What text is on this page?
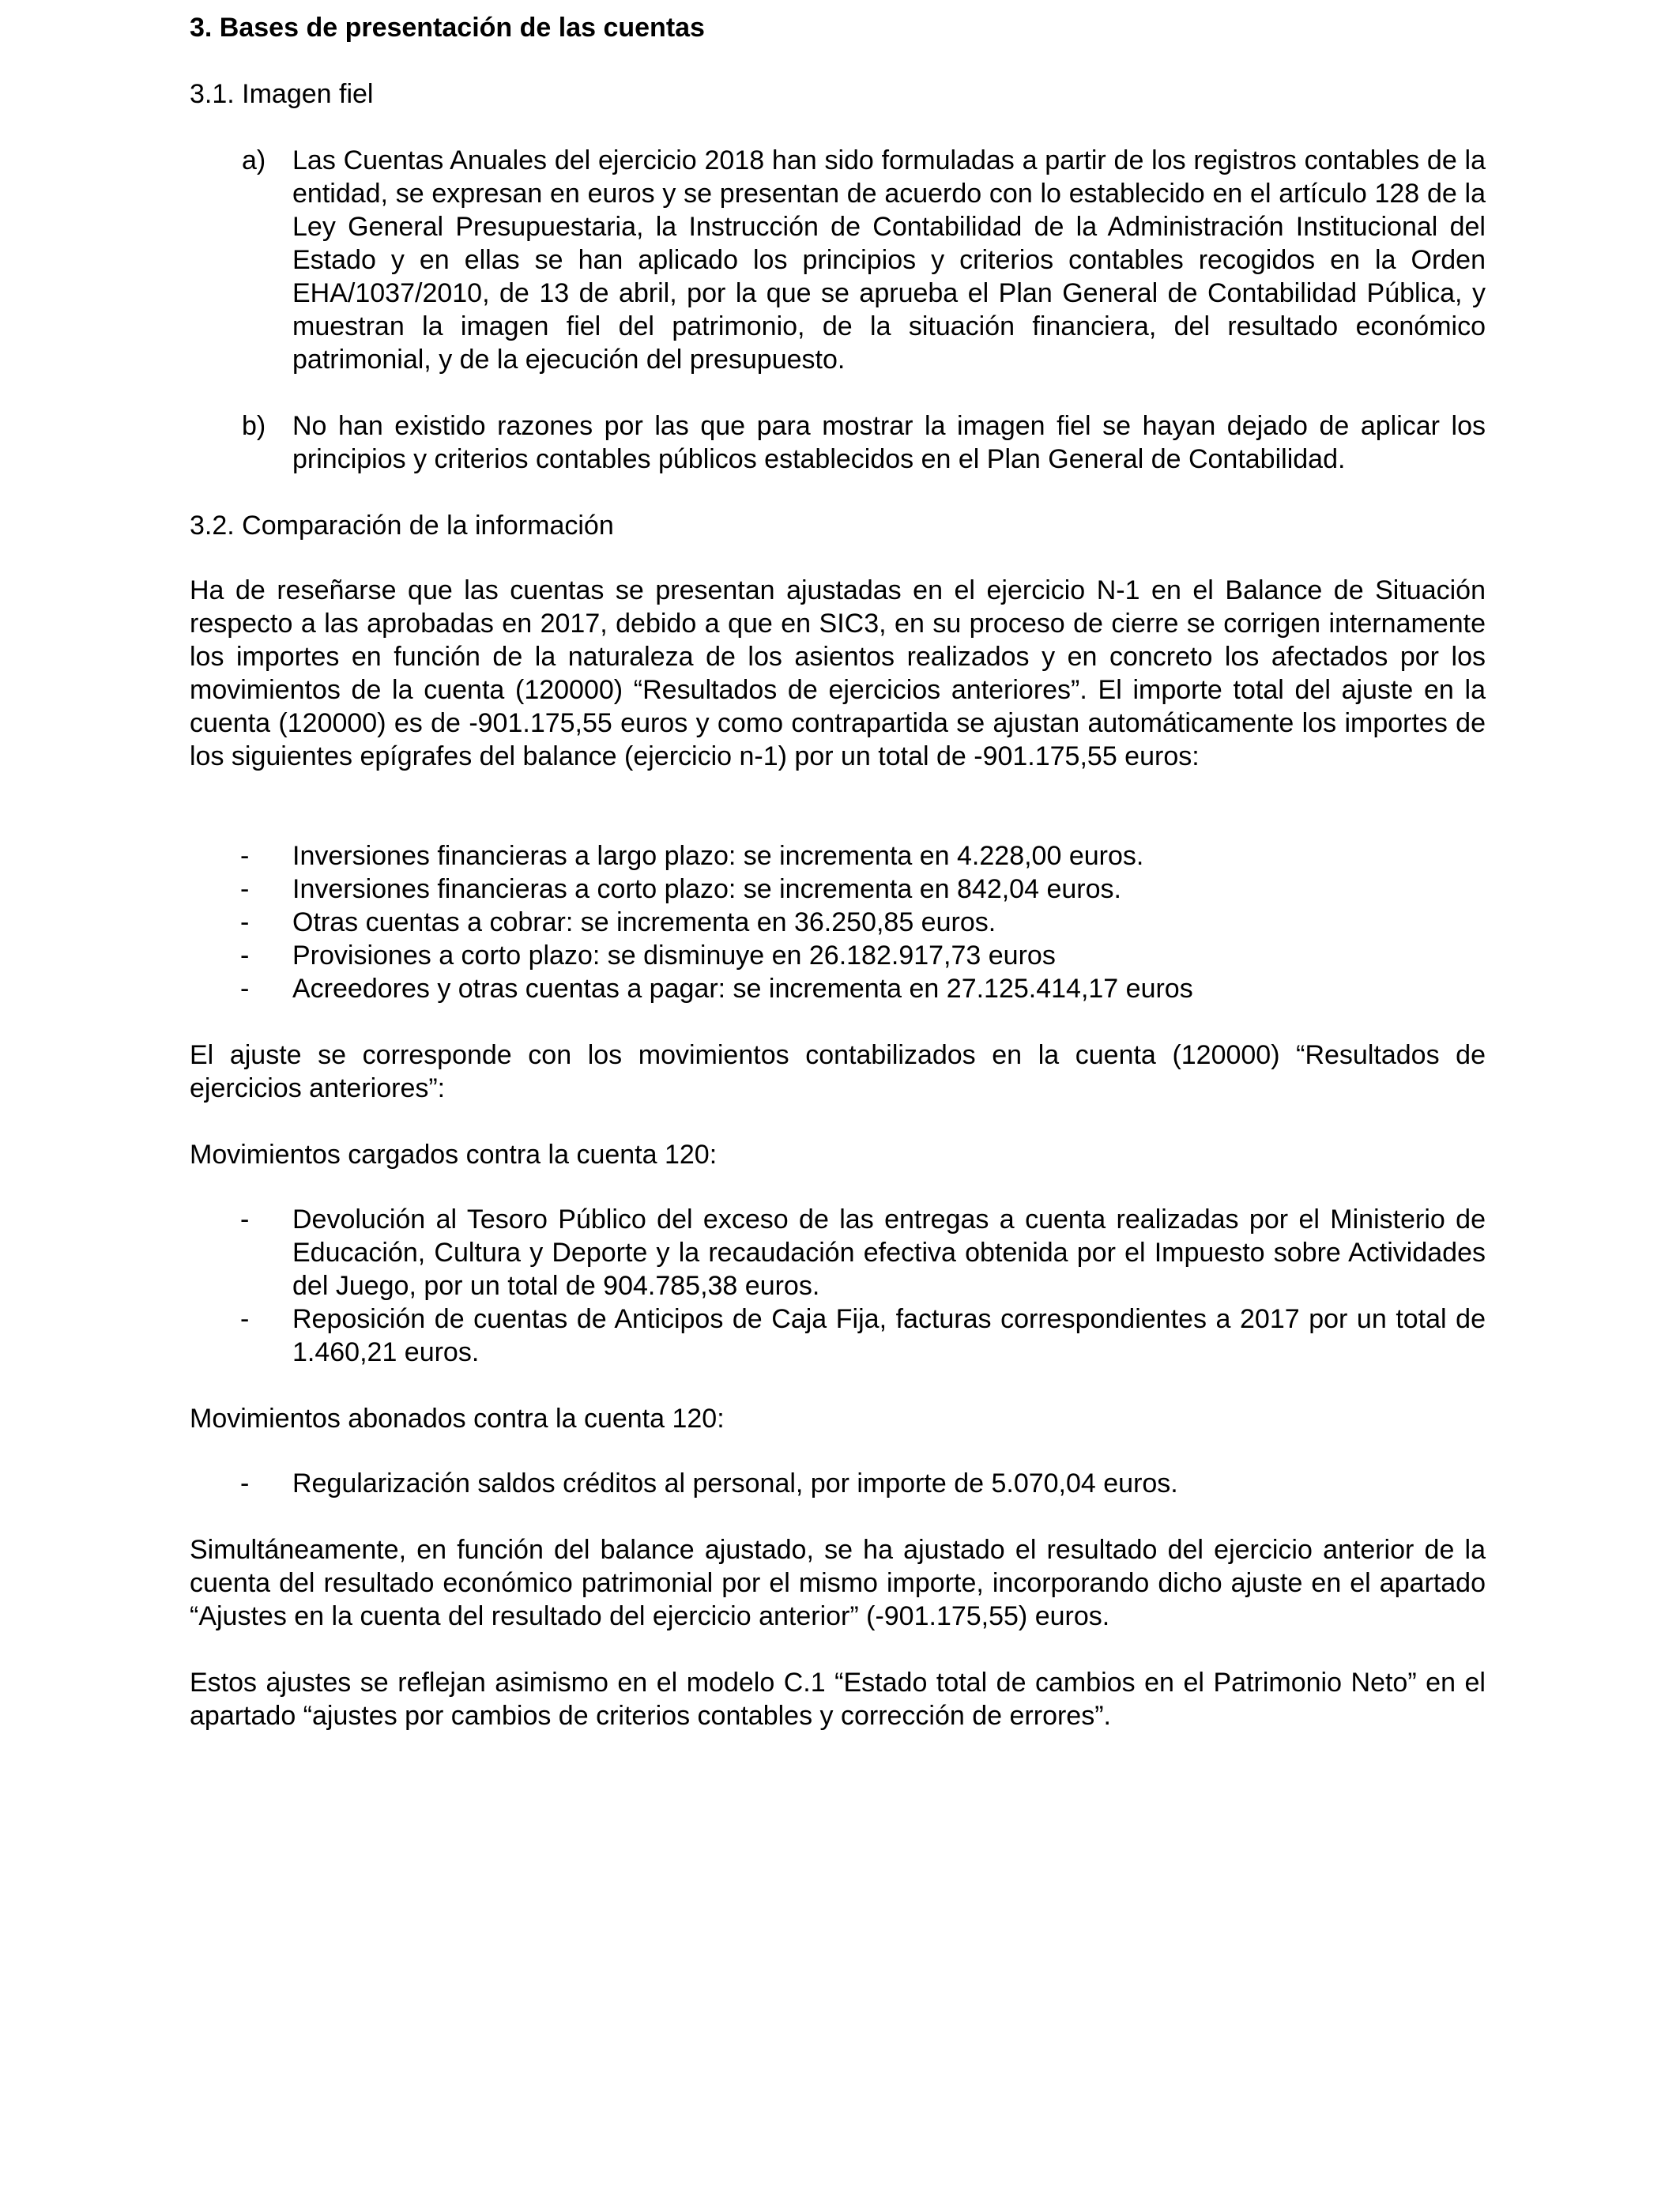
3. Bases de presentación de las cuentas
3.1. Imagen fiel
a) Las Cuentas Anuales del ejercicio 2018 han sido formuladas a partir de los registros contables de la entidad, se expresan en euros y se presentan de acuerdo con lo establecido en el artículo 128 de la Ley General Presupuestaria, la Instrucción de Contabilidad de la Administración Institucional del Estado y en ellas se han aplicado los principios y criterios contables recogidos en la Orden EHA/1037/2010, de 13 de abril, por la que se aprueba el Plan General de Contabilidad Pública, y muestran la imagen fiel del patrimonio, de la situación financiera, del resultado económico patrimonial, y de la ejecución del presupuesto.
b) No han existido razones por las que para mostrar la imagen fiel se hayan dejado de aplicar los principios y criterios contables públicos establecidos en el Plan General de Contabilidad.
3.2. Comparación de la información
Ha de reseñarse que las cuentas se presentan ajustadas en el ejercicio N-1 en el Balance de Situación respecto a las aprobadas en 2017, debido a que en SIC3, en su proceso de cierre se corrigen internamente los importes en función de la naturaleza de los asientos realizados y en concreto los afectados por los movimientos de la cuenta (120000) “Resultados de ejercicios anteriores”. El importe total del ajuste en la cuenta (120000) es de -901.175,55 euros y como contrapartida se ajustan automáticamente los importes de los siguientes epígrafes del balance (ejercicio n-1) por un total de -901.175,55 euros:
- Inversiones financieras a largo plazo: se incrementa en 4.228,00 euros.
- Inversiones financieras a corto plazo: se incrementa en 842,04 euros.
- Otras cuentas a cobrar: se incrementa en 36.250,85 euros.
- Provisiones a corto plazo: se disminuye en 26.182.917,73 euros
- Acreedores y otras cuentas a pagar: se incrementa en 27.125.414,17 euros
El ajuste se corresponde con los movimientos contabilizados en la cuenta (120000) “Resultados de ejercicios anteriores”:
Movimientos cargados contra la cuenta 120:
- Devolución al Tesoro Público del exceso de las entregas a cuenta realizadas por el Ministerio de Educación, Cultura y Deporte y la recaudación efectiva obtenida por el Impuesto sobre Actividades del Juego, por un total de 904.785,38 euros.
- Reposición de cuentas de Anticipos de Caja Fija, facturas correspondientes a 2017 por un total de 1.460,21 euros.
Movimientos abonados contra la cuenta 120:
- Regularización saldos créditos al personal, por importe de 5.070,04 euros.
Simultáneamente, en función del balance ajustado, se ha ajustado el resultado del ejercicio anterior de la cuenta del resultado económico patrimonial por el mismo importe, incorporando dicho ajuste en el apartado “Ajustes en la cuenta del resultado del ejercicio anterior” (-901.175,55) euros.
Estos ajustes se reflejan asimismo en el modelo C.1 “Estado total de cambios en el Patrimonio Neto” en el apartado “ajustes por cambios de criterios contables y corrección de errores”.
